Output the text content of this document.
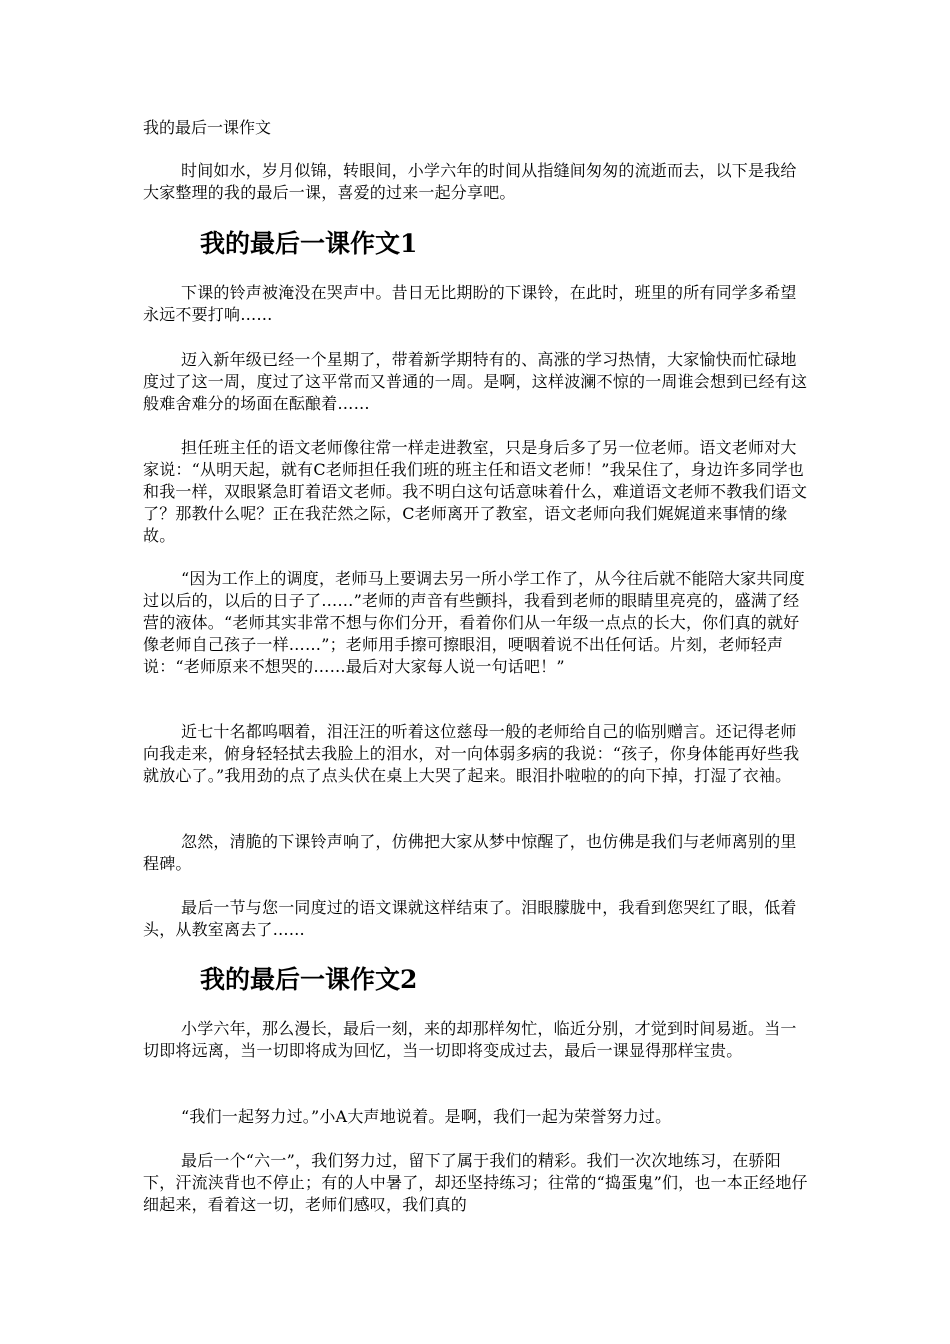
我的最后一课作文

时间如水，岁月似锦，转眼间，小学六年的时间从指缝间匆匆的流逝而去，以下是我给大家整理的我的最后一课，喜爱的过来一起分享吧。

我的最后一课作文1

下课的铃声被淹没在哭声中。昔日无比期盼的下课铃，在此时，班里的所有同学多希望永远不要打响……

迈入新年级已经一个星期了，带着新学期特有的、高涨的学习热情，大家愉快而忙碌地度过了这一周，度过了这平常而又普通的一周。是啊，这样波澜不惊的一周谁会想到已经有这般难舍难分的场面在酝酿着……

担任班主任的语文老师像往常一样走进教室，只是身后多了另一位老师。语文老师对大家说：“从明天起，就有C老师担任我们班的班主任和语文老师！”我呆住了，身边许多同学也和我一样，双眼紧急盯着语文老师。我不明白这句话意味着什么，难道语文老师不教我们语文了？那教什么呢？正在我茫然之际，C老师离开了教室，语文老师向我们娓娓道来事情的缘故。

“因为工作上的调度，老师马上要调去另一所小学工作了，从今往后就不能陪大家共同度过以后的，以后的日子了……”老师的声音有些颤抖，我看到老师的眼睛里亮亮的，盛满了经营的液体。“老师其实非常不想与你们分开，看着你们从一年级一点点的长大，你们真的就好像老师自己孩子一样……”；老师用手擦可擦眼泪，哽咽着说不出任何话。片刻，老师轻声说：“老师原来不想哭的……最后对大家每人说一句话吧！”

近七十名都呜咽着，泪汪汪的听着这位慈母一般的老师给自己的临别赠言。还记得老师向我走来，俯身轻轻拭去我脸上的泪水，对一向体弱多病的我说：“孩子，你身体能再好些我就放心了。”我用劲的点了点头伏在桌上大哭了起来。眼泪扑啦啦的的向下掉，打湿了衣袖。

忽然，清脆的下课铃声响了，仿佛把大家从梦中惊醒了，也仿佛是我们与老师离别的里程碑。

最后一节与您一同度过的语文课就这样结束了。泪眼朦胧中，我看到您哭红了眼，低着头，从教室离去了……

我的最后一课作文2

小学六年，那么漫长，最后一刻，来的却那样匆忙，临近分别，才觉到时间易逝。当一切即将远离，当一切即将成为回忆，当一切即将变成过去，最后一课显得那样宝贵。

“我们一起努力过。”小A大声地说着。是啊，我们一起为荣誉努力过。

最后一个“六一”，我们努力过，留下了属于我们的精彩。我们一次次地练习，在骄阳下，汗流浃背也不停止；有的人中暑了，却还坚持练习；往常的“捣蛋鬼”们，也一本正经地仔细起来，看着这一切，老师们感叹，我们真的
